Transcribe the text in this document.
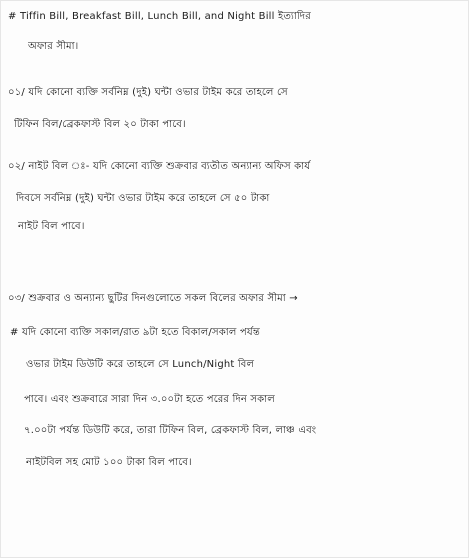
# Tiffin Bill, Breakfast Bill, Lunch Bill, and Night Bill ইত্যাদির
অফার সীমা।
০১/ যদি কোনো ব্যক্তি সর্বনিম্ন (দুই) ঘন্টা ওভার টাইম করে তাহলে সে
টিফিন বিল/ব্রেকফাস্ট বিল ২০ টাকা পাবে।
০২/ নাইট বিল ঃ- যদি কোনো ব্যক্তি শুক্রবার ব্যতীত অন্যান্য অফিস কার্য
দিবসে সর্বনিম্ন (দুই) ঘন্টা ওভার টাইম করে তাহলে সে ৫০ টাকা
নাইট বিল পাবে।
০৩/ শুক্রবার ও অন্যান্য ছুটির দিনগুলোতে সকল বিলের অফার সীমা →
# যদি কোনো ব্যক্তি সকাল/রাত ৯টা হতে বিকাল/সকাল পর্যন্ত
ওভার টাইম ডিউটি করে তাহলে সে Lunch/Night বিল
পাবে। এবং শুক্রবারে সারা দিন ৩.০০টা হতে পরের দিন সকাল
৭.০০টা পর্যন্ত ডিউটি করে, তারা টিফিন বিল, ব্রেকফাস্ট বিল, লাঞ্চ এবং
নাইটবিল সহ মোট ১০০ টাকা বিল পাবে।
